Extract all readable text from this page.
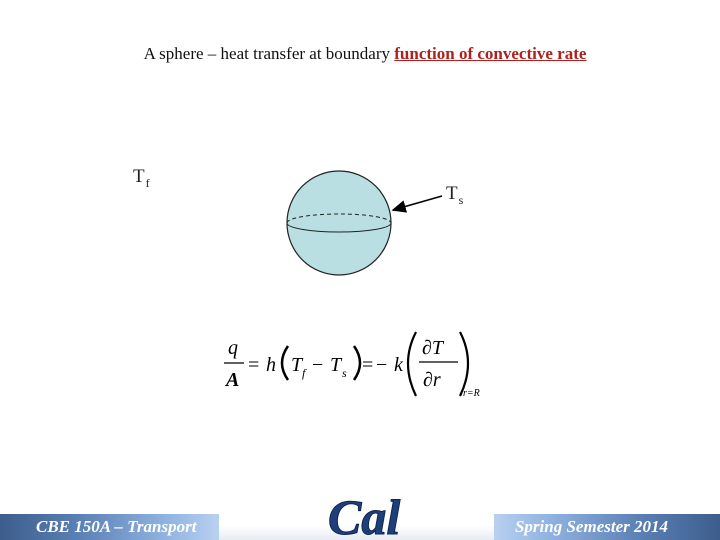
A sphere – heat transfer at boundary function of convective rate
$T_f$
$T_s$
q
A
= h T f − T s = − k
∂T
∂r
r=R
CBE 150A – Transport	Spring Semester 2014
Cal
